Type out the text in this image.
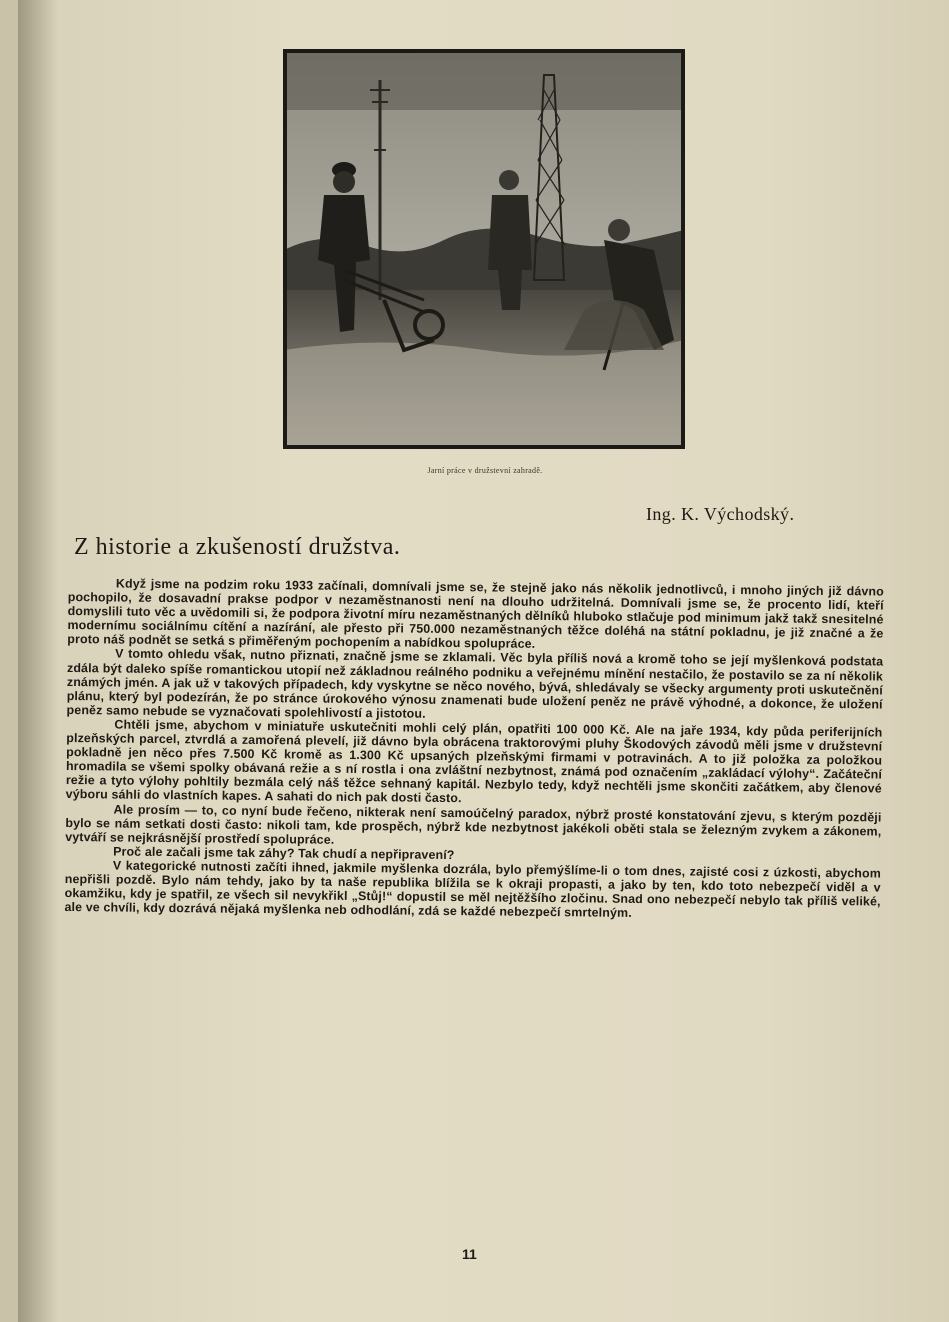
Jarní práce v družstevní zahradě.
Z historie a zkušeností družstva.
Ing. K. Východský.

Když jsme na podzim roku 1933 začínali, domnívali jsme se, že stejně jako nás několik jednotlivců, i mnoho jiných již dávno pochopilo, že dosavadní prakse podpor v nezaměstnanosti není na dlouho udržitelná. Domnívali jsme se, že procento lidí, kteří domyslili tuto věc a uvědomili si, že podpora životní míru nezaměstnaných dělníků hluboko stlačuje pod minimum jakž takž snesitelné modernímu sociálnímu cítění a nazírání, ale přesto při 750.000 nezaměstnaných těžce doléhá na státní pokladnu, je již značné a že proto náš podnět se setká s přiměřeným pochopením a nabídkou spolupráce.

V tomto ohledu však, nutno přiznati, značně jsme se zklamali. Věc byla příliš nová a kromě toho se její myšlenková podstata zdála být daleko spíše romantickou utopií než základnou reálného podniku a veřejnému mínění nestačilo, že postavilo se za ní několik známých jmén. A jak už v takových případech, kdy vyskytne se něco nového, bývá, shledávaly se všecky argumenty proti uskutečnění plánu, který byl podezírán, že po stránce úrokového výnosu znamenati bude uložení peněz ne právě výhodné, a dokonce, že uložení peněz samo nebude se vyznačovati spolehlivostí a jistotou.

Chtěli jsme, abychom v miniatuře uskutečniti mohli celý plán, opatřiti 100 000 Kč. Ale na jaře 1934, kdy půda periferijních plzeňských parcel, ztvrdlá a zamořená plevelí, již dávno byla obrácena traktorovými pluhy Škodových závodů měli jsme v družstevní pokladně jen něco přes 7.500 Kč kromě as 1.300 Kč upsaných plzeňskými firmami v potravinách. A to již položka za položkou hromadila se všemi spolky obávaná režie a s ní rostla i ona zvláštní nezbytnost, známá pod označením „zakládací výlohy“. Začáteční režie a tyto výlohy pohltily bezmála celý náš těžce sehnaný kapitál. Nezbylo tedy, když nechtěli jsme skončiti začátkem, aby členové výboru sáhli do vlastních kapes. A sahati do nich pak dosti často.

Ale prosím — to, co nyní bude řečeno, nikterak není samoúčelný paradox, nýbrž prosté konstatování zjevu, s kterým později bylo se nám setkati dosti často: nikoli tam, kde prospěch, nýbrž kde nezbytnost jakékoli oběti stala se železným zvykem a zákonem, vytváří se nejkrásnější prostředí spolupráce.

Proč ale začali jsme tak záhy? Tak chudí a nepřipravení?

V kategorické nutnosti začíti ihned, jakmile myšlenka dozrála, bylo přemýšlíme-li o tom dnes, zajisté cosi z úzkosti, abychom nepřišli pozdě. Bylo nám tehdy, jako by ta naše republika blížila se k okraji propasti, a jako by ten, kdo toto nebezpečí viděl a v okamžiku, kdy je spatřil, ze všech sil nevykřikl „Stůj!“ dopustil se měl nejtěžšího zločinu. Snad ono nebezpečí nebylo tak příliš veliké, ale ve chvíli, kdy dozrává nějaká myšlenka neb odhodlání, zdá se každé nebezpečí smrtelným.

11
